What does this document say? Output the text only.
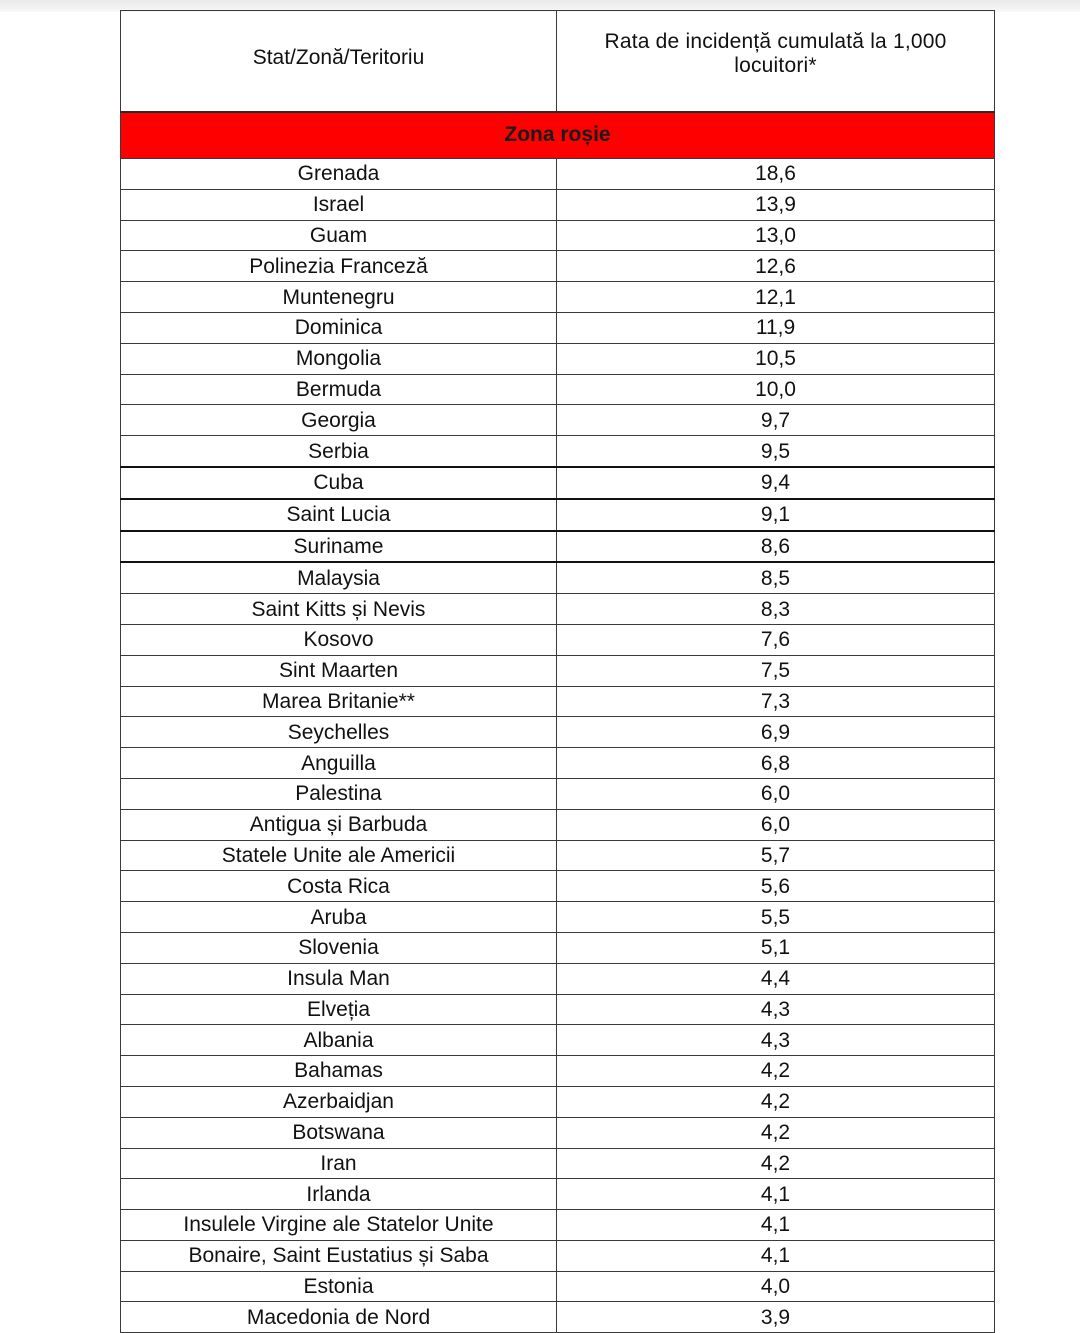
Stat/Zonă/Teritoriu	Rata de incidență cumulată la 1,000 locuitori*
Zona roșie	
Grenada	18,6
Israel	13,9
Guam	13,0
Polinezia Franceză	12,6
Muntenegru	12,1
Dominica	11,9
Mongolia	10,5
Bermuda	10,0
Georgia	9,7
Serbia	9,5
Cuba	9,4
Saint Lucia	9,1
Suriname	8,6
Malaysia	8,5
Saint Kitts și Nevis	8,3
Kosovo	7,6
Sint Maarten	7,5
Marea Britanie**	7,3
Seychelles	6,9
Anguilla	6,8
Palestina	6,0
Antigua și Barbuda	6,0
Statele Unite ale Americii	5,7
Costa Rica	5,6
Aruba	5,5
Slovenia	5,1
Insula Man	4,4
Elveția	4,3
Albania	4,3
Bahamas	4,2
Azerbaidjan	4,2
Botswana	4,2
Iran	4,2
Irlanda	4,1
Insulele Virgine ale Statelor Unite	4,1
Bonaire, Saint Eustatius și Saba	4,1
Estonia	4,0
Macedonia de Nord	3,9
